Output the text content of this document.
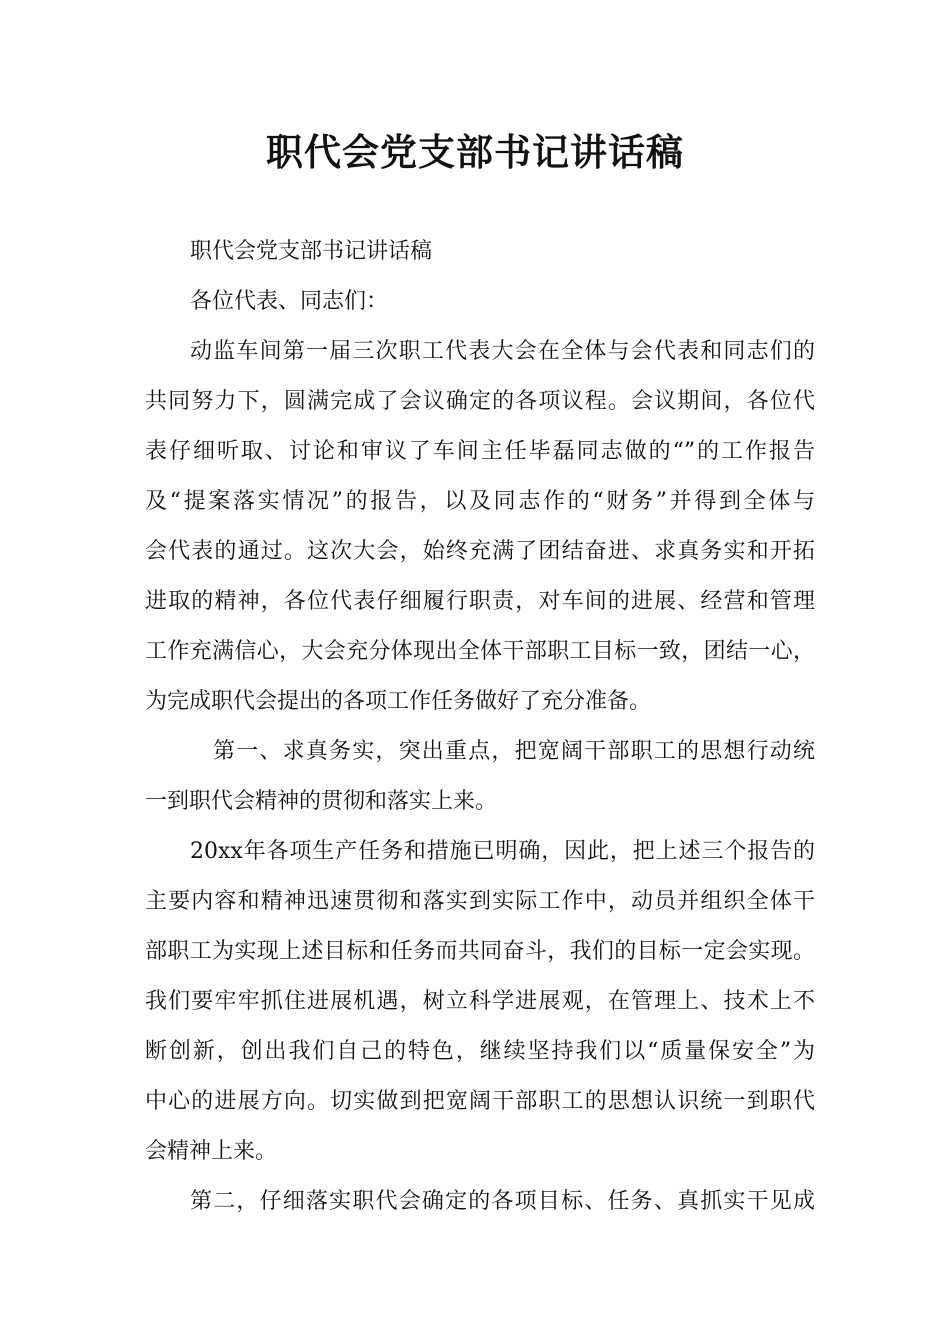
职代会党支部书记讲话稿
职代会党支部书记讲话稿
各位代表、同志们：
动监车间第一届三次职工代表大会在全体与会代表和同志们的
共同努力下，圆满完成了会议确定的各项议程。会议期间，各位代
表仔细听取、讨论和审议了车间主任毕磊同志做的“”的工作报告
及“提案落实情况”的报告，以及同志作的“财务”并得到全体与
会代表的通过。这次大会，始终充满了团结奋进、求真务实和开拓
进取的精神，各位代表仔细履行职责，对车间的进展、经营和管理
工作充满信心，大会充分体现出全体干部职工目标一致，团结一心，
为完成职代会提出的各项工作任务做好了充分准备。
第一、求真务实，突出重点，把宽阔干部职工的思想行动统
一到职代会精神的贯彻和落实上来。
20xx年各项生产任务和措施已明确，因此，把上述三个报告的
主要内容和精神迅速贯彻和落实到实际工作中，动员并组织全体干
部职工为实现上述目标和任务而共同奋斗，我们的目标一定会实现。
我们要牢牢抓住进展机遇，树立科学进展观，在管理上、技术上不
断创新，创出我们自己的特色，继续坚持我们以“质量保安全”为
中心的进展方向。切实做到把宽阔干部职工的思想认识统一到职代
会精神上来。
第二，仔细落实职代会确定的各项目标、任务、真抓实干见成
